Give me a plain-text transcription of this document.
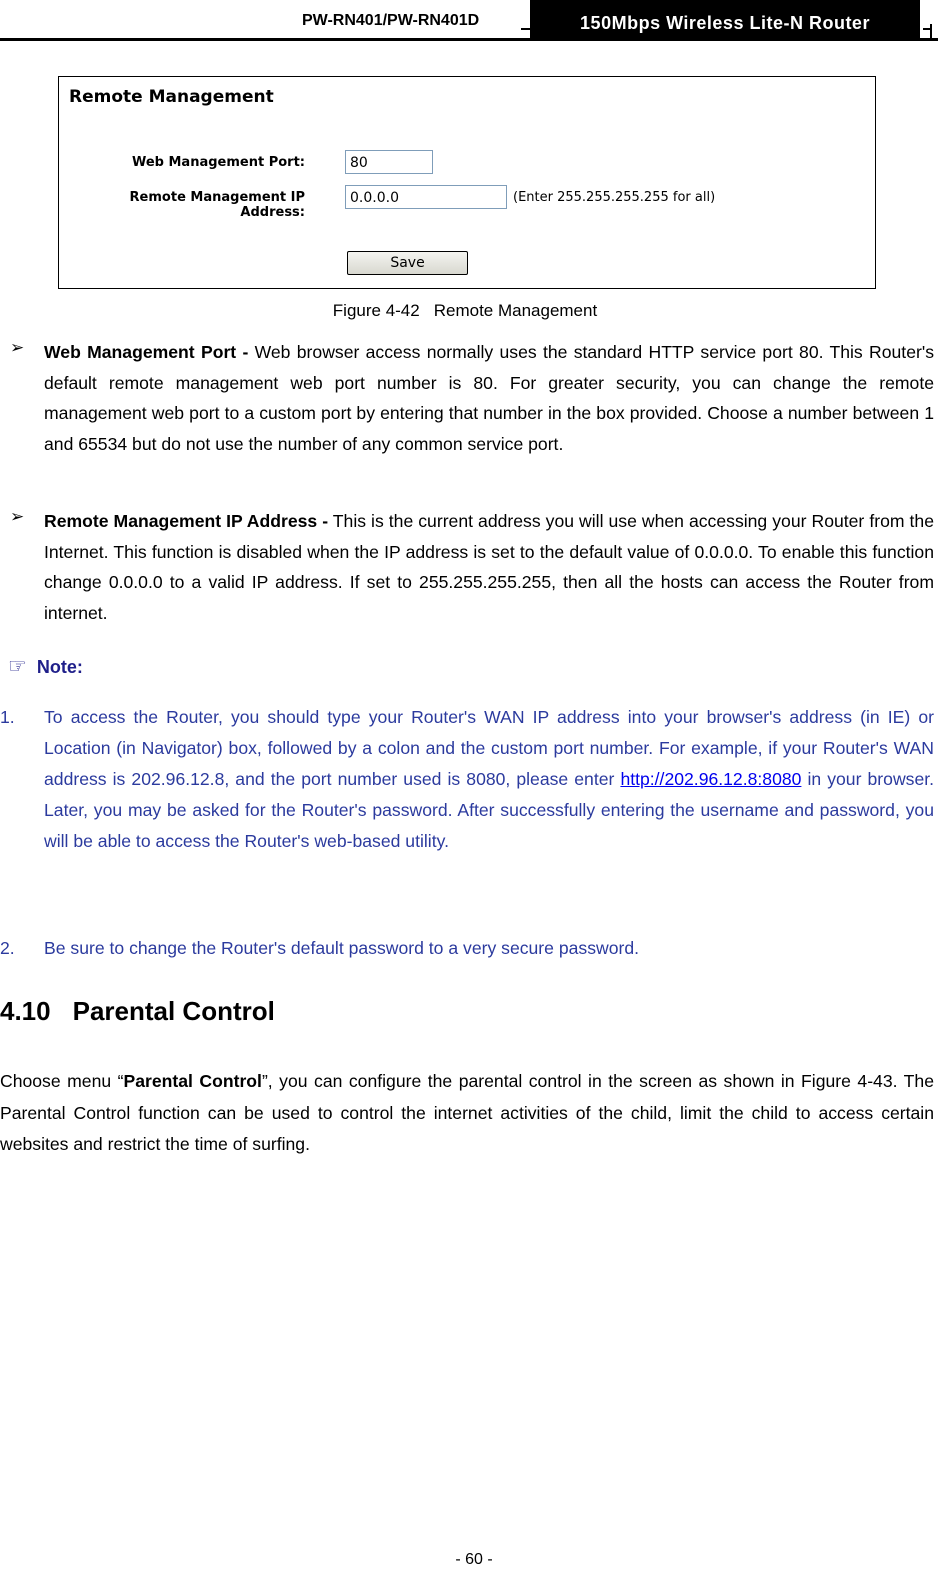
PW-RN401/PW-RN401D	150Mbps Wireless Lite-N Router
Remote Management
Web Management Port:	80
Remote Management IP Address:
0.0.0.0	(Enter 255.255.255.255 for all)
Save
Figure 4-42 Remote Management
➢ Web Management Port - Web browser access normally uses the standard HTTP service port 80. This Router's default remote management web port number is 80. For greater security, you can change the remote management web port to a custom port by entering that number in the box provided. Choose a number between 1 and 65534 but do not use the number of any common service port.
➢ Remote Management IP Address - This is the current address you will use when accessing your Router from the Internet. This function is disabled when the IP address is set to the default value of 0.0.0.0. To enable this function change 0.0.0.0 to a valid IP address. If set to 255.255.255.255, then all the hosts can access the Router from internet.
☞ Note:
1. To access the Router, you should type your Router's WAN IP address into your browser's address (in IE) or Location (in Navigator) box, followed by a colon and the custom port number. For example, if your Router's WAN address is 202.96.12.8, and the port number used is 8080, please enter http://202.96.12.8:8080 in your browser. Later, you may be asked for the Router's password. After successfully entering the username and password, you will be able to access the Router's web-based utility.
2. Be sure to change the Router's default password to a very secure password.
4.10 Parental Control
Choose menu “Parental Control”, you can configure the parental control in the screen as shown in Figure 4-43. The Parental Control function can be used to control the internet activities of the child, limit the child to access certain websites and restrict the time of surfing.
- 60 -
